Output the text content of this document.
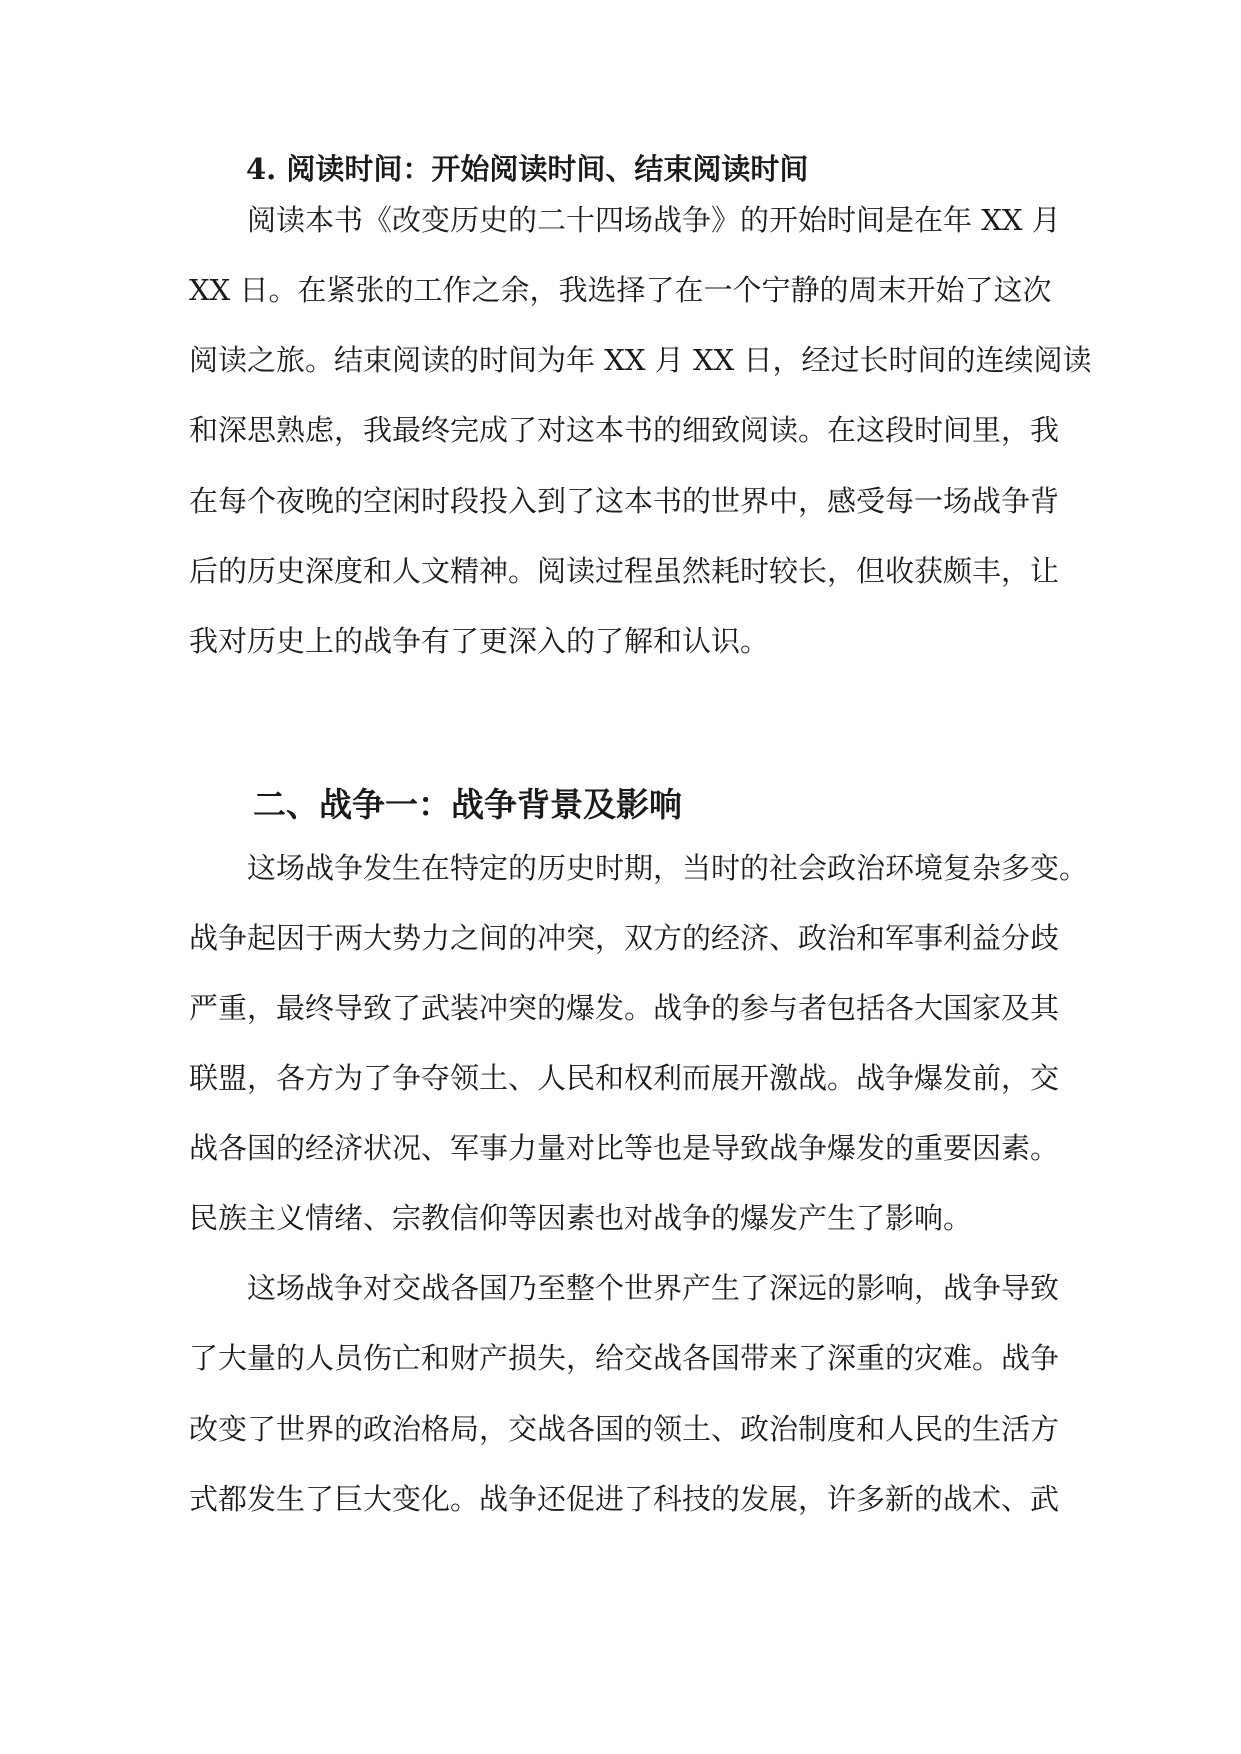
4. 阅读时间：开始阅读时间、结束阅读时间
阅读本书《改变历史的二十四场战争》的开始时间是在年 XX 月
XX 日。在紧张的工作之余，我选择了在一个宁静的周末开始了这次
阅读之旅。结束阅读的时间为年 XX 月 XX 日，经过长时间的连续阅读
和深思熟虑，我最终完成了对这本书的细致阅读。在这段时间里，我
在每个夜晚的空闲时段投入到了这本书的世界中，感受每一场战争背
后的历史深度和人文精神。阅读过程虽然耗时较长，但收获颇丰，让
我对历史上的战争有了更深入的了解和认识。
二、战争一：战争背景及影响
这场战争发生在特定的历史时期，当时的社会政治环境复杂多变。
战争起因于两大势力之间的冲突，双方的经济、政治和军事利益分歧
严重，最终导致了武装冲突的爆发。战争的参与者包括各大国家及其
联盟，各方为了争夺领土、人民和权利而展开激战。战争爆发前，交
战各国的经济状况、军事力量对比等也是导致战争爆发的重要因素。
民族主义情绪、宗教信仰等因素也对战争的爆发产生了影响。
这场战争对交战各国乃至整个世界产生了深远的影响，战争导致
了大量的人员伤亡和财产损失，给交战各国带来了深重的灾难。战争
改变了世界的政治格局，交战各国的领土、政治制度和人民的生活方
式都发生了巨大变化。战争还促进了科技的发展，许多新的战术、武
